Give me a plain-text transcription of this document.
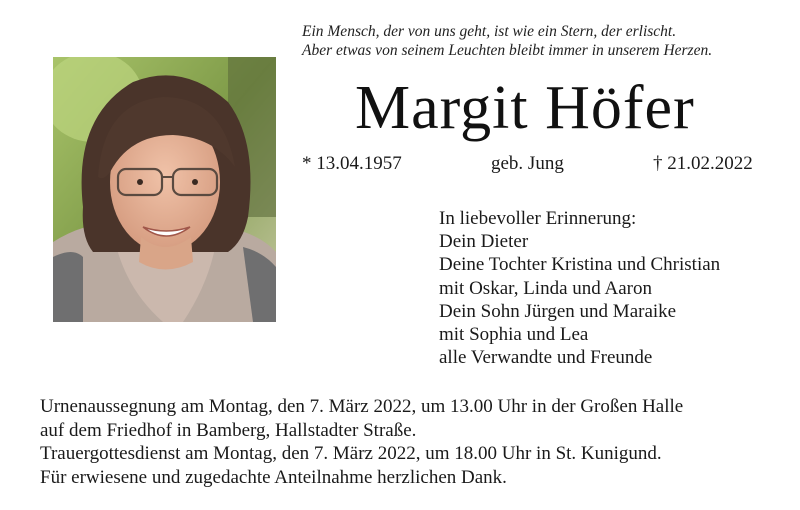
Ein Mensch, der von uns geht, ist wie ein Stern, der erlischt.
Aber etwas von seinem Leuchten bleibt immer in unserem Herzen.
Margit Höfer
* 13.04.1957	geb. Jung	† 21.02.2022
In liebevoller Erinnerung:
Dein Dieter
Deine Tochter Kristina und Christian
mit Oskar, Linda und Aaron
Dein Sohn Jürgen und Maraike
mit Sophia und Lea
alle Verwandte und Freunde
Urnenaussegnung am Montag, den 7. März 2022, um 13.00 Uhr in der Großen Halle
auf dem Friedhof in Bamberg, Hallstadter Straße.
Trauergottesdienst am Montag, den 7. März 2022, um 18.00 Uhr in St. Kunigund.
Für erwiesene und zugedachte Anteilnahme herzlichen Dank.
